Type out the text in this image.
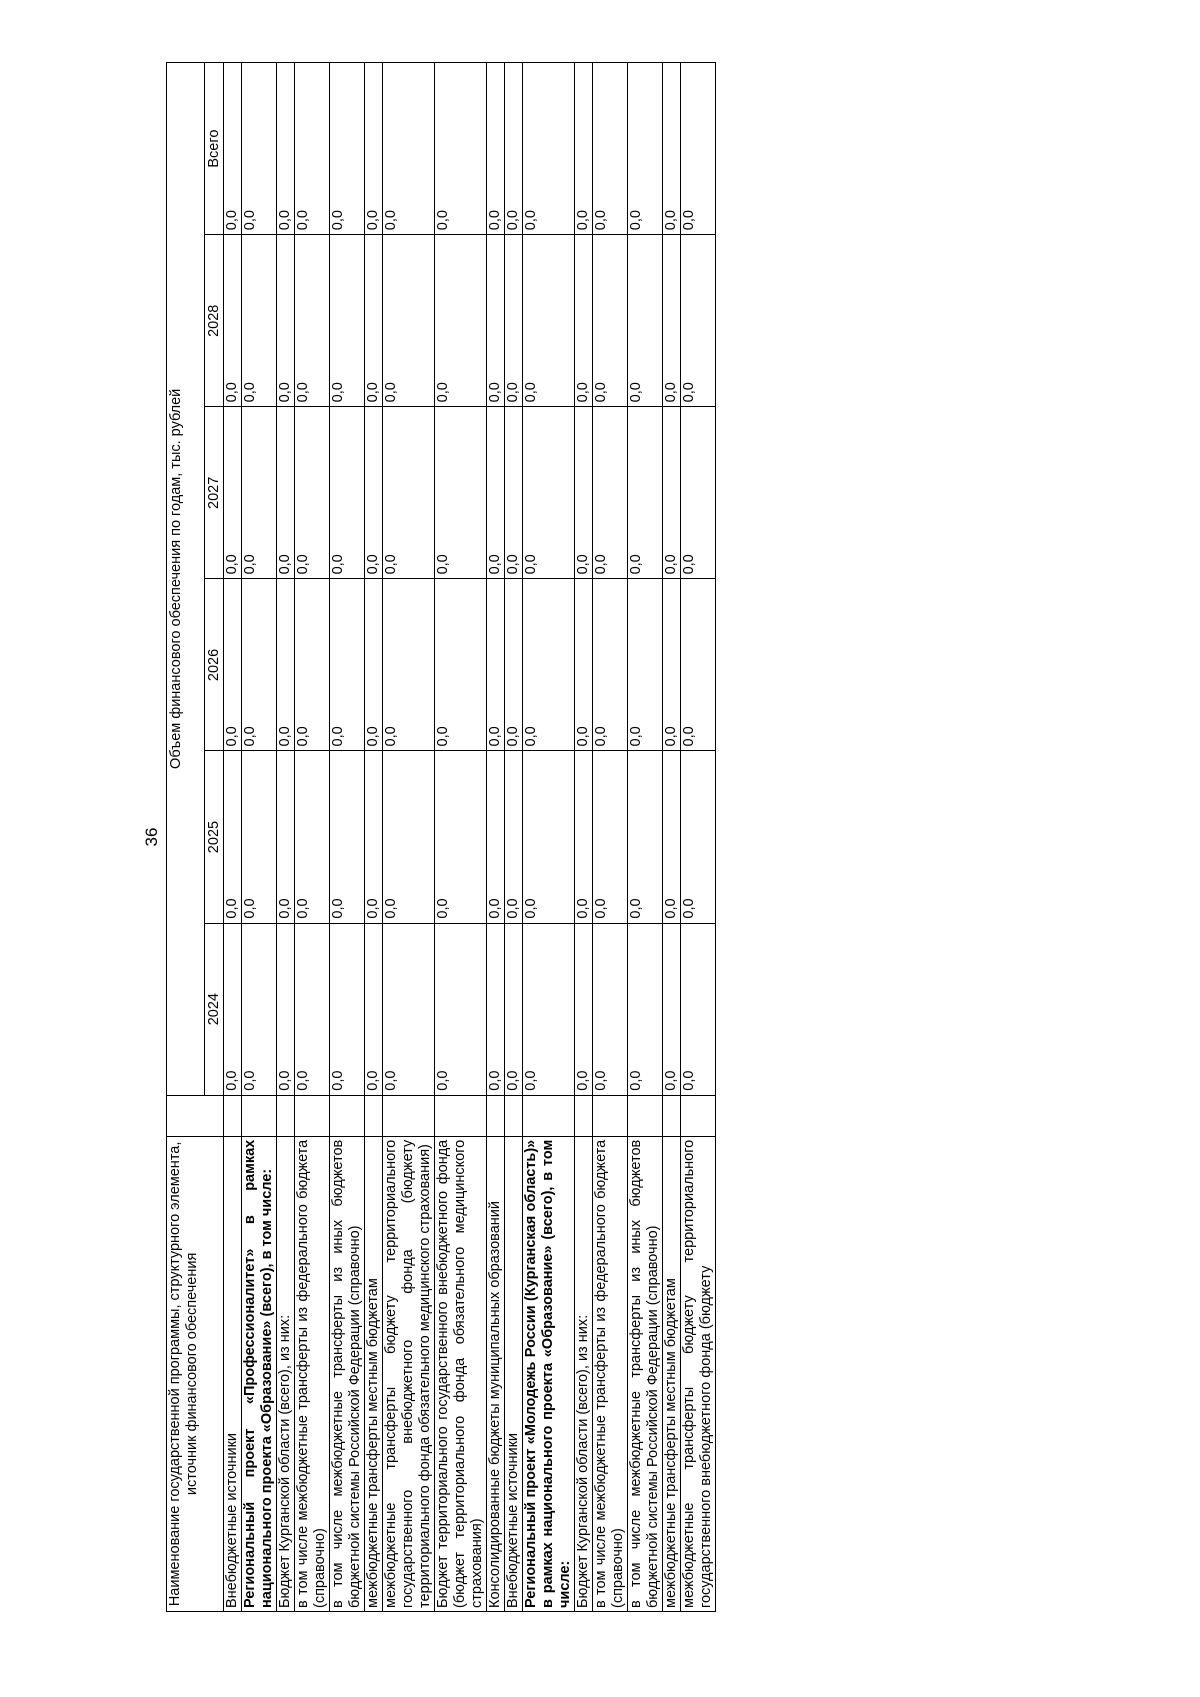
36
Наименование государственной программы, структурного элемента, источник финансового обеспечения		Объем финансового обеспечения по годам, тыс. рублей					

		2024	2025	2026	2027	2028	Всего
Внебюджетные источники		0,0	0,0	0,0	0,0	0,0	0,0
Региональный проект «Профессионалитет» в рамках национального проекта «Образование» (всего), в том числе:		0,0	0,0	0,0	0,0	0,0	0,0
Бюджет Курганской области (всего), из них:		0,0	0,0	0,0	0,0	0,0	0,0
в том числе межбюджетные трансферты из федерального бюджета (справочно)		0,0	0,0	0,0	0,0	0,0	0,0
в том числе межбюджетные трансферты из иных бюджетов бюджетной системы Российской Федерации (справочно)		0,0	0,0	0,0	0,0	0,0	0,0
межбюджетные трансферты местным бюджетам		0,0	0,0	0,0	0,0	0,0	0,0
межбюджетные трансферты бюджету территориального государственного внебюджетного фонда (бюджету территориального фонда обязательного медицинского страхования)		0,0	0,0	0,0	0,0	0,0	0,0
Бюджет территориального государственного внебюджетного фонда (бюджет территориального фонда обязательного медицинского страхования)		0,0	0,0	0,0	0,0	0,0	0,0
Консолидированные бюджеты муниципальных образований		0,0	0,0	0,0	0,0	0,0	0,0
Внебюджетные источники		0,0	0,0	0,0	0,0	0,0	0,0
Региональный проект «Молодежь России (Курганская область)» в рамках национального проекта «Образование» (всего), в том числе:		0,0	0,0	0,0	0,0	0,0	0,0
Бюджет Курганской области (всего), из них:		0,0	0,0	0,0	0,0	0,0	0,0
в том числе межбюджетные трансферты из федерального бюджета (справочно)		0,0	0,0	0,0	0,0	0,0	0,0
в том числе межбюджетные трансферты из иных бюджетов бюджетной системы Российской Федерации (справочно)		0,0	0,0	0,0	0,0	0,0	0,0
межбюджетные трансферты местным бюджетам		0,0	0,0	0,0	0,0	0,0	0,0
межбюджетные трансферты бюджету территориального государственного внебюджетного фонда (бюджету		0,0	0,0	0,0	0,0	0,0	0,0
